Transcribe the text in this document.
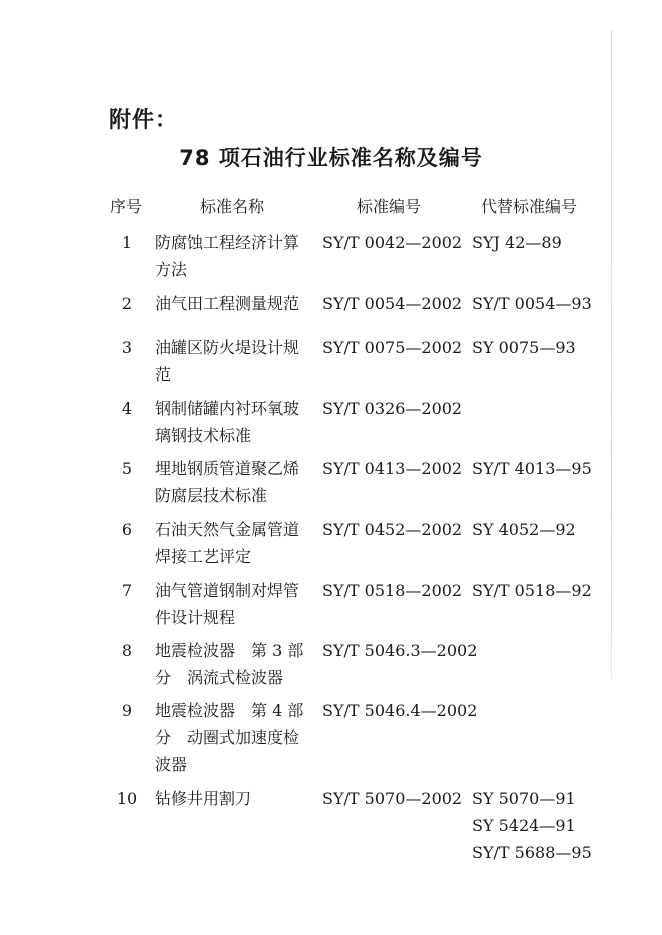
附件：
78 项石油行业标准名称及编号
序号	标准名称	标准编号	代替标准编号
1	防腐蚀工程经济计算
方法
SY/T 0042—2002 SYJ 42—89
2	油气田工程测量规范	SY/T 0054—2002 SY/T 0054—93
3	油罐区防火堤设计规
范
SY/T 0075—2002 SY 0075—93
4	钢制储罐内衬环氧玻
璃钢技术标准
SY/T 0326—2002
5	埋地钢质管道聚乙烯
防腐层技术标准
SY/T 0413—2002 SY/T 4013—95
6	石油天然气金属管道
焊接工艺评定
SY/T 0452—2002 SY 4052—92
7	油气管道钢制对焊管
件设计规程
SY/T 0518—2002 SY/T 0518—92
8	地震检波器　第 3 部
分　涡流式检波器
SY/T 5046.3—2002
9	地震检波器　第 4 部
分　动圈式加速度检
波器
SY/T 5046.4—2002
10	钻修井用割刀	SY/T 5070—2002 SY 5070—91
SY 5424—91
SY/T 5688—95
